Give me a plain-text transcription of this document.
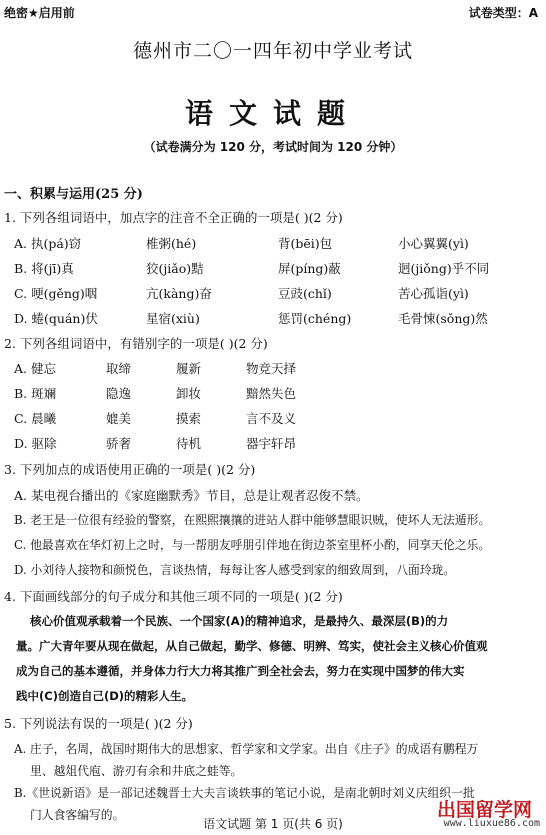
绝密★启用前	试卷类型：A
德州市二〇一四年初中学业考试
语文试题
（试卷满分为 120 分，考试时间为 120 分钟）
一、积累与运用(25 分)
1. 下列各组词语中，加点字的注音不全正确的一项是( )(2 分)
A. 执(pá)窃	椎粥(hé)	背(bēi)包	小心翼翼(yì)
B. 将(jī)真	狡(jiǎo)黠	屏(píng)蔽	迥(jiǒng)乎不同
C. 哽(gěng)咽	亢(kàng)奋	豆豉(chǐ)	苦心孤诣(yì)
D. 蜷(quán)伏	星宿(xiù)	惩罚(chéng)	毛骨悚(sǒng)然
2. 下列各组词语中，有错别字的一项是( )(2 分)
A. 健忘	取缔	履新	物竞天择
B. 斑斓	隐逸	卸妆	黯然失色
C. 晨曦	媲美	摸索	言不及义
D. 驱除	骄奢	待机	器宇轩昂
3. 下列加点的成语使用正确的一项是( )(2 分)
A. 某电视台播出的《家庭幽默秀》节目，总是让观者忍俊不禁。
B. 老王是一位很有经验的警察，在熙熙攘攘的进站人群中能够慧眼识贼，使坏人无法遁形。
C. 他最喜欢在华灯初上之时，与一帮朋友呼朋引伴地在街边茶室里杯小酌，同享天伦之乐。
D. 小刘待人接物和颜悦色，言谈热情，每每让客人感受到家的细致周到，八面玲珑。
4. 下面画线部分的句子成分和其他三项不同的一项是( )(2 分)
核心价值观承载着一个民族、一个国家(A)的精神追求，是最持久、最深层(B)的力
量。广大青年要从现在做起，从自己做起，勤学、修德、明辨、笃实，使社会主义核心价值观
成为自己的基本遵循，并身体力行大力将其推广到全社会去，努力在实现中国梦的伟大实
践中(C)创造自己(D)的精彩人生。
5. 下列说法有误的一项是( )(2 分)
A. 庄子，名周，战国时期伟大的思想家、哲学家和文学家。出自《庄子》的成语有鹏程万
里、越俎代庖、游刃有余和井底之蛙等。
B.《世说新语》是一部记述魏晋士大夫言谈轶事的笔记小说，是南北朝时刘义庆组织一批
门人食客编写的。
语文试题 第 1 页(共 6 页)
出国留学网
www.liuxue86.com
